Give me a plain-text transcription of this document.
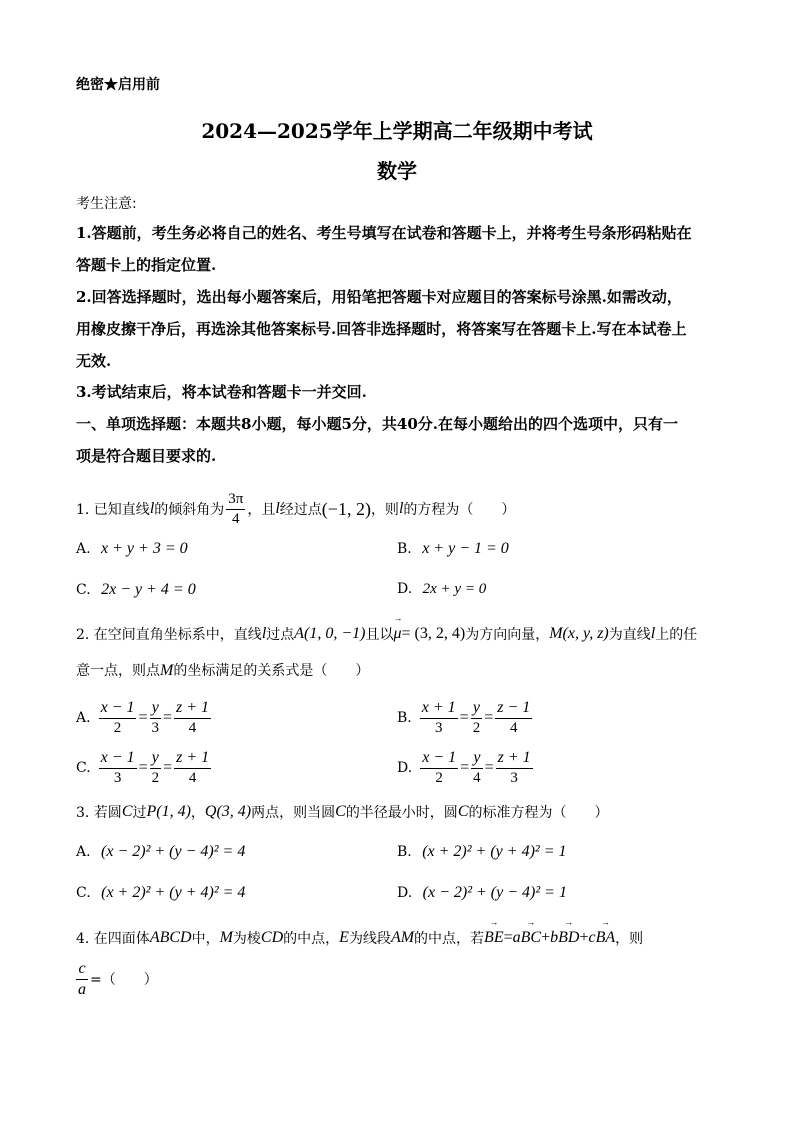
绝密★启用前
2024—2025学年上学期高二年级期中考试
数学
考生注意:
1.答题前，考生务必将自己的姓名、考生号填写在试卷和答题卡上，并将考生号条形码粘贴在
答题卡上的指定位置.
2.回答选择题时，选出每小题答案后，用铅笔把答题卡对应题目的答案标号涂黑.如需改动，
用橡皮擦干净后，再选涂其他答案标号.回答非选择题时，将答案写在答题卡上.写在本试卷上
无效.
3.考试结束后，将本试卷和答题卡一并交回.
一、单项选择题：本题共8小题，每小题5分，共40分.在每小题给出的四个选项中，只有一
项是符合题目要求的.
1. 已知直线 l 的倾斜角为 $\frac{3\pi}{4}$ ，且 l 经过点 (−1, 2) ，则 l 的方程为（　　）
A. x + y + 3 = 0	B. x + y − 1 = 0
C. 2x − y + 4 = 0	D. 2x + y = 0
2. 在空间直角坐标系中，直线 l 过点 A(1, 0, −1) 且以 → μ = (3, 2, 4) 为方向向量， M(x, y, z) 为直线 l 上的任
意一点，则点M的坐标满足的关系式是（　　）
A. $\frac{x - 1}{2} = \frac{y}{3} = \frac{z + 1}{4}$	B. $\frac{x + 1}{3} = \frac{y}{2} = \frac{z - 1}{4}$
C. $\frac{x - 1}{3} = \frac{y}{2} = \frac{z + 1}{4}$	D. $\frac{x - 1}{2} = \frac{y}{4} = \frac{z + 1}{3}$
3. 若圆 C 过 P(1, 4) ， Q(3, 4) 两点，则当圆 C 的半径最小时，圆 C 的标准方程为（　　）
A. (x − 2)² + (y − 4)² = 4	B. (x + 2)² + (y + 4)² = 1
C. (x + 2)² + (y + 4)² = 4	D. (x − 2)² + (y − 4)² = 1
4. 在四面体 ABCD 中， M 为棱 CD 的中点， E 为线段 AM 的中点，若 → BE = a → BC + b → BD + c → BA ，则
$\frac{c}{a}$ =（　　）
